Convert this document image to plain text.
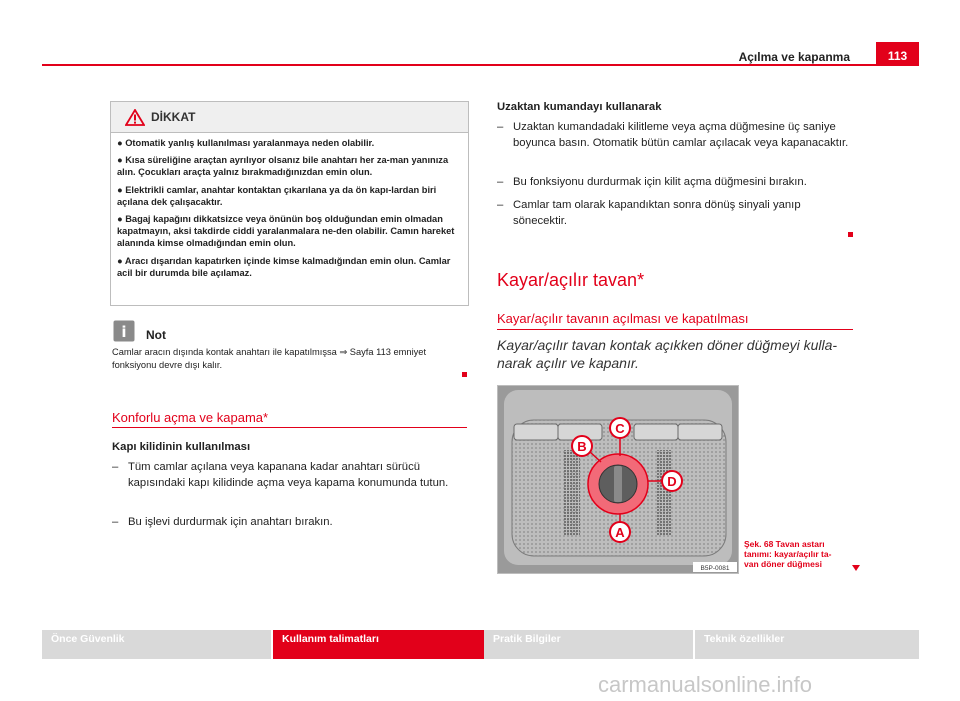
Açılma ve kapanma	113
DİKKAT

● Otomatik yanlış kullanılması yaralanmaya neden olabilir.

● Kısa süreliğine araçtan ayrılıyor olsanız bile anahtarı her za-man yanınıza alın. Çocukları araçta yalnız bırakmadığınızdan emin olun.

● Elektrikli camlar, anahtar kontaktan çıkarılana ya da ön kapı-lardan biri açılana dek çalışacaktır.

● Bagaj kapağını dikkatsizce veya önünün boş olduğundan emin olmadan kapatmayın, aksi takdirde ciddi yaralanmalara ne-den olabilir. Camın hareket alanında kimse olmadığından emin olun.

● Aracı dışarıdan kapatırken içinde kimse kalmadığından emin olun. Camlar acil bir durumda bile açılamaz.

i Not
Camlar aracın dışında kontak anahtarı ile kapatılmışsa ⇒ Sayfa 113 emniyet fonksiyonu devre dışı kalır.
Konforlu açma ve kapama*
Kapı kilidinin kullanılması
– Tüm camlar açılana veya kapanana kadar anahtarı sürücü kapısındaki kapı kilidinde açma veya kapama konumunda tutun.
– Bu işlevi durdurmak için anahtarı bırakın.
Uzaktan kumandayı kullanarak
– Uzaktan kumandadaki kilitleme veya açma düğmesine üç saniye boyunca basın. Otomatik bütün camlar açılacak veya kapanacaktır.
– Bu fonksiyonu durdurmak için kilit açma düğmesini bırakın.
– Camlar tam olarak kapandıktan sonra dönüş sinyali yanıp sönecektir.
Kayar/açılır tavan*
Kayar/açılır tavanın açılması ve kapatılması
Kayar/açılır tavan kontak açıkken döner düğmeyi kulla-narak açılır ve kapanır.
C
B
D
A
B5P-0081
Şek. 68 Tavan astarı tanımı: kayar/açılır ta-van döner düğmesi
Önce Güvenlik	Kullanım talimatları	Pratik Bilgiler	Teknik özellikler
carmanualsonline.info
